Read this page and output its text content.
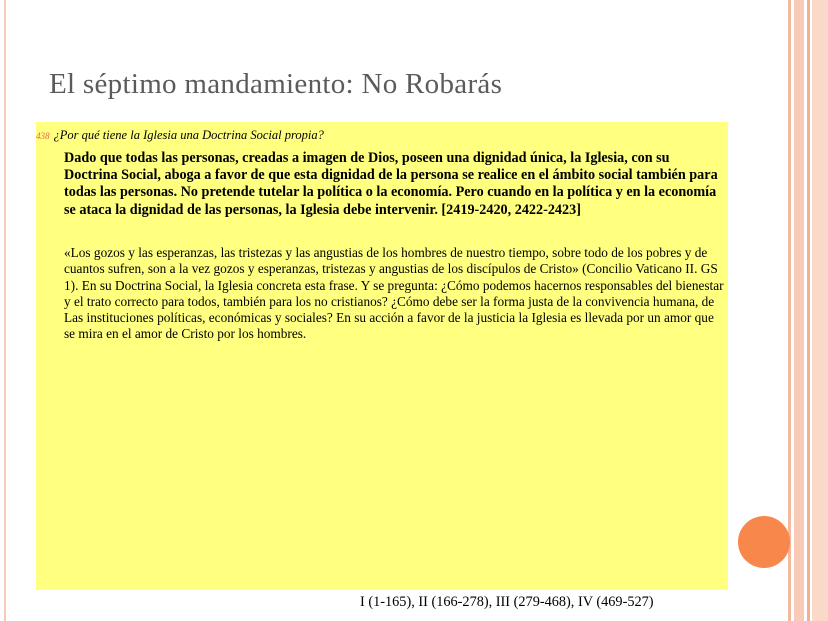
El séptimo mandamiento: No Robarás
438 ¿Por qué tiene la Iglesia una Doctrina Social propia?
Dado que todas las personas, creadas a imagen de Dios, poseen una dignidad única, la Iglesia, con su Doctrina Social, aboga a favor de que esta dignidad de la persona se realice en el ámbito social también para todas las personas. No pretende tutelar la política o la economía. Pero cuando en la política y en la economía se ataca la dignidad de las personas, la Iglesia debe intervenir. [2419-2420, 2422-2423]
«Los gozos y las esperanzas, las tristezas y las angustias de los hombres de nuestro tiempo, sobre todo de los pobres y de cuantos sufren, son a la vez gozos y esperanzas, tristezas y angustias de los discípulos de Cristo» (Concilio Vaticano II. GS 1). En su Doctrina Social, la Iglesia concreta esta frase. Y se pregunta: ¿Cómo podemos hacernos responsables del bienestar y el trato correcto para todos, también para los no cristianos? ¿Cómo debe ser la forma justa de la convivencia humana, de Las instituciones políticas, económicas y sociales? En su acción a favor de la justicia la Iglesia es llevada por un amor que se mira en el amor de Cristo por los hombres.
I (1-165), II (166-278), III (279-468), IV (469-527)
